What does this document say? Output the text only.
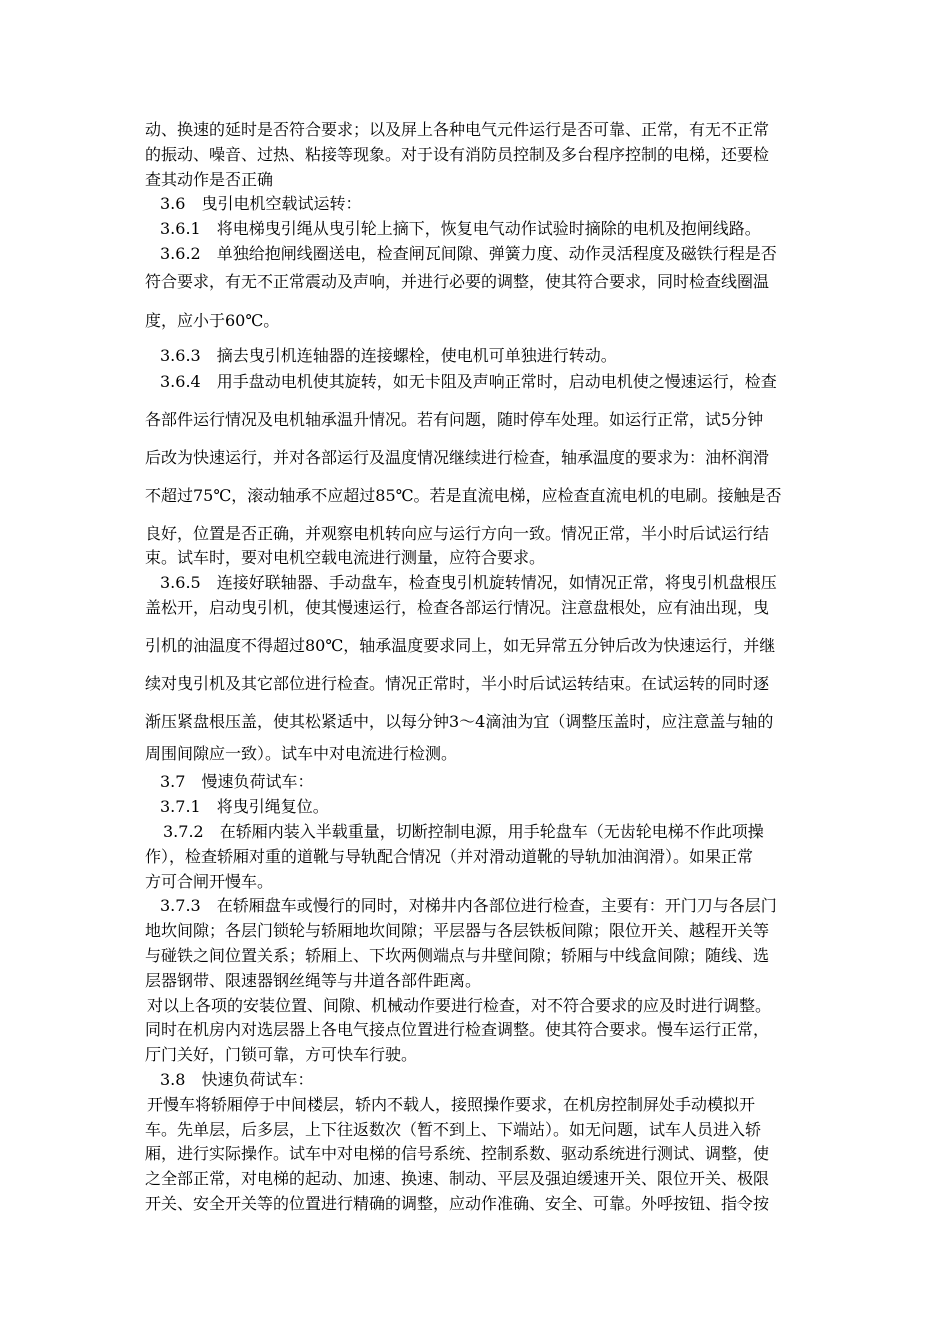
动、换速的延时是否符合要求；以及屏上各种电气元件运行是否可靠、正常，有无不正常
的振动、噪音、过热、粘接等现象。对于设有消防员控制及多台程序控制的电梯，还要检
查其动作是否正确
3.6　曳引电机空载试运转：
3.6.1　将电梯曳引绳从曳引轮上摘下，恢复电气动作试验时摘除的电机及抱闸线路。
3.6.2　单独给抱闸线圈送电，检查闸瓦间隙、弹簧力度、动作灵活程度及磁铁行程是否
符合要求，有无不正常震动及声响，并进行必要的调整，使其符合要求，同时检查线圈温
度，应小于60℃。
3.6.3　摘去曳引机连轴器的连接螺栓，使电机可单独进行转动。
3.6.4　用手盘动电机使其旋转，如无卡阻及声响正常时，启动电机使之慢速运行，检查
各部件运行情况及电机轴承温升情况。若有问题，随时停车处理。如运行正常，试5分钟
后改为快速运行，并对各部运行及温度情况继续进行检查，轴承温度的要求为：油杯润滑
不超过75℃，滚动轴承不应超过85℃。若是直流电梯，应检查直流电机的电刷。接触是否
良好，位置是否正确，并观察电机转向应与运行方向一致。情况正常，半小时后试运行结
束。试车时，要对电机空载电流进行测量，应符合要求。
3.6.5　连接好联轴器、手动盘车，检查曳引机旋转情况，如情况正常，将曳引机盘根压
盖松开，启动曳引机，使其慢速运行，检查各部运行情况。注意盘根处，应有油出现，曳
引机的油温度不得超过80℃，轴承温度要求同上，如无异常五分钟后改为快速运行，并继
续对曳引机及其它部位进行检查。情况正常时，半小时后试运转结束。在试运转的同时逐
渐压紧盘根压盖，使其松紧适中，以每分钟3～4滴油为宜（调整压盖时，应注意盖与轴的
周围间隙应一致）。试车中对电流进行检测。
3.7　慢速负荷试车：
3.7.1　将曳引绳复位。
3.7.2　在轿厢内装入半载重量，切断控制电源，用手轮盘车（无齿轮电梯不作此项操
作），检查轿厢对重的道靴与导轨配合情况（并对滑动道靴的导轨加油润滑）。如果正常
方可合闸开慢车。
3.7.3　在轿厢盘车或慢行的同时，对梯井内各部位进行检查，主要有：开门刀与各层门
地坎间隙；各层门锁轮与轿厢地坎间隙；平层器与各层铁板间隙；限位开关、越程开关等
与碰铁之间位置关系；轿厢上、下坎两侧端点与井壁间隙；轿厢与中线盒间隙；随线、选
层器钢带、限速器钢丝绳等与井道各部件距离。
对以上各项的安装位置、间隙、机械动作要进行检查，对不符合要求的应及时进行调整。
同时在机房内对选层器上各电气接点位置进行检查调整。使其符合要求。慢车运行正常，
厅门关好，门锁可靠，方可快车行驶。
3.8　快速负荷试车：
开慢车将轿厢停于中间楼层，轿内不载人，接照操作要求，在机房控制屏处手动模拟开
车。先单层，后多层，上下往返数次（暂不到上、下端站）。如无问题，试车人员进入轿
厢，进行实际操作。试车中对电梯的信号系统、控制系数、驱动系统进行测试、调整，使
之全部正常，对电梯的起动、加速、换速、制动、平层及强迫缓速开关、限位开关、极限
开关、安全开关等的位置进行精确的调整，应动作准确、安全、可靠。外呼按钮、指令按
